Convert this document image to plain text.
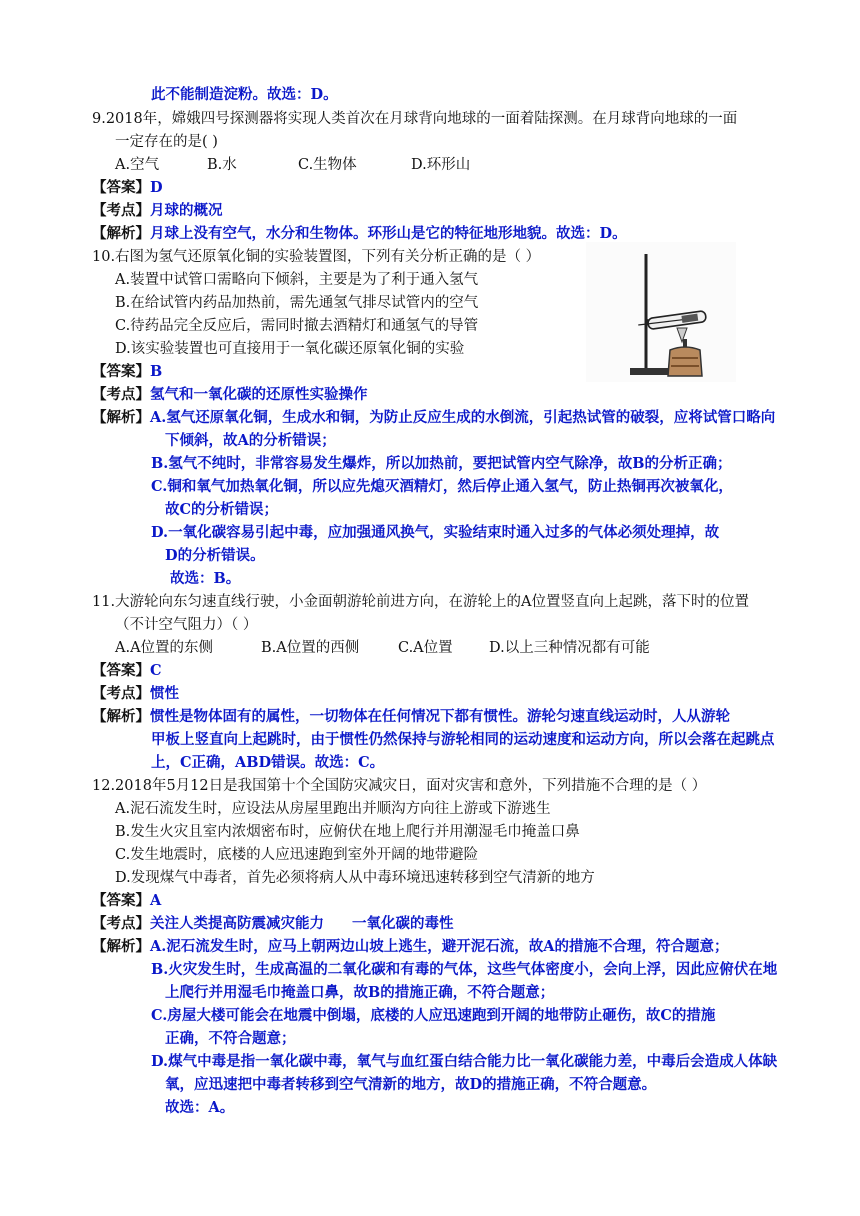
此不能制造淀粉。故选：D。
9.2018年，嫦娥四号探测器将实现人类首次在月球背向地球的一面着陆探测。在月球背向地球的一面
一定存在的是( )
A.空气	B.水	C.生物体	D.环形山
【答案】D
【考点】月球的概况
【解析】月球上没有空气，水分和生物体。环形山是它的特征地形地貌。故选：D。
10.右图为氢气还原氧化铜的实验装置图，下列有关分析正确的是（ ）
A.装置中试管口需略向下倾斜，主要是为了利于通入氢气
B.在给试管内药品加热前，需先通氢气排尽试管内的空气
C.待药品完全反应后，需同时撤去酒精灯和通氢气的导管
D.该实验装置也可直接用于一氧化碳还原氧化铜的实验
【答案】B
【考点】氢气和一氧化碳的还原性实验操作
【解析】A.氢气还原氧化铜，生成水和铜，为防止反应生成的水倒流，引起热试管的破裂，应将试管口略向
下倾斜，故A的分析错误；
B.氢气不纯时，非常容易发生爆炸，所以加热前，要把试管内空气除净，故B的分析正确；
C.铜和氧气加热氧化铜，所以应先熄灭酒精灯，然后停止通入氢气，防止热铜再次被氧化，
故C的分析错误；
D.一氧化碳容易引起中毒，应加强通风换气，实验结束时通入过多的气体必须处理掉，故
D的分析错误。
故选：B。
11.大游轮向东匀速直线行驶，小金面朝游轮前进方向，在游轮上的A位置竖直向上起跳，落下时的位置
（不计空气阻力）（ ）
A.A位置的东侧	B.A位置的西侧	C.A位置	D.以上三种情况都有可能
【答案】C
【考点】惯性
【解析】惯性是物体固有的属性，一切物体在任何情况下都有惯性。游轮匀速直线运动时，人从游轮
甲板上竖直向上起跳时，由于惯性仍然保持与游轮相同的运动速度和运动方向，所以会落在起跳点
上，C正确，ABD错误。故选：C。
12.2018年5月12日是我国第十个全国防灾减灾日，面对灾害和意外，下列措施不合理的是（ ）
A.泥石流发生时，应设法从房屋里跑出并顺沟方向往上游或下游逃生
B.发生火灾且室内浓烟密布时，应俯伏在地上爬行并用潮湿毛巾掩盖口鼻
C.发生地震时，底楼的人应迅速跑到室外开阔的地带避险
D.发现煤气中毒者，首先必须将病人从中毒环境迅速转移到空气清新的地方
【答案】A
【考点】关注人类提高防震减灾能力 一氧化碳的毒性
【解析】A.泥石流发生时，应马上朝两边山坡上逃生，避开泥石流，故A的措施不合理，符合题意；
B.火灾发生时，生成高温的二氧化碳和有毒的气体，这些气体密度小，会向上浮，因此应俯伏在地
上爬行并用湿毛巾掩盖口鼻，故B的措施正确，不符合题意；
C.房屋大楼可能会在地震中倒塌，底楼的人应迅速跑到开阔的地带防止砸伤，故C的措施
正确，不符合题意；
D.煤气中毒是指一氧化碳中毒，氧气与血红蛋白结合能力比一氧化碳能力差，中毒后会造成人体缺
氧，应迅速把中毒者转移到空气清新的地方，故D的措施正确，不符合题意。
故选：A。
